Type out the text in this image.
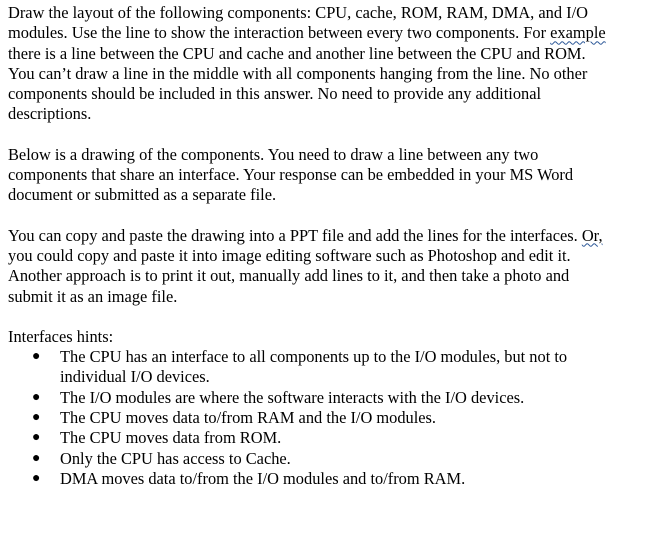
Draw the layout of the following components: CPU, cache, ROM, RAM, DMA, and I/O
modules. Use the line to show the interaction between every two components. For example
there is a line between the CPU and cache and another line between the CPU and ROM.
You can’t draw a line in the middle with all components hanging from the line. No other
components should be included in this answer. No need to provide any additional
descriptions.

Below is a drawing of the components. You need to draw a line between any two
components that share an interface. Your response can be embedded in your MS Word
document or submitted as a separate file.

You can copy and paste the drawing into a PPT file and add the lines for the interfaces. Or,
you could copy and paste it into image editing software such as Photoshop and edit it.
Another approach is to print it out, manually add lines to it, and then take a photo and
submit it as an image file.

Interfaces hints:

● The CPU has an interface to all components up to the I/O modules, but not to
individual I/O devices.
● The I/O modules are where the software interacts with the I/O devices.
● The CPU moves data to/from RAM and the I/O modules.
● The CPU moves data from ROM.
● Only the CPU has access to Cache.
● DMA moves data to/from the I/O modules and to/from RAM.
